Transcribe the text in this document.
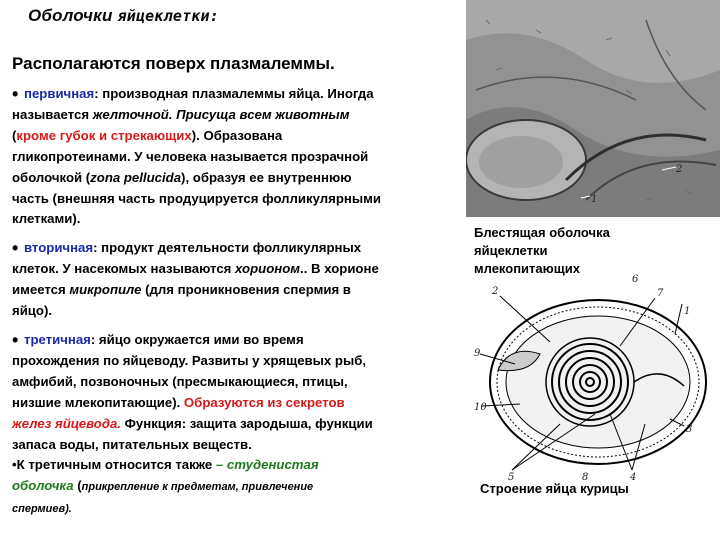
Оболочки яйцеклетки:
Располагаются поверх плазмалеммы.

• первичная: производная плазмалеммы яйца. Иногда
называется желточной. Присуща всем животным
(кроме губок и стрекающих). Образована
гликопротеинами. У человека называется прозрачной
оболочкой (zona pellucida), образуя ее внутреннюю
часть (внешняя часть продуцируется фолликулярными
клетками).

• вторичная: продукт деятельности фолликулярных
клеток. У насекомых называются хорионом.. В хорионе
имеется микропиле (для проникновения спермия в
яйцо).

• третичная: яйцо окружается ими во время
прохождения по яйцеводу. Развиты у хрящевых рыб,
амфибий, позвоночных (пресмыкающиеся, птицы,
низшие млекопитающие). Образуются из секретов
желез яйцевода. Функция: защита зародыша, функции
запаса воды, питательных веществ.
•К третичным относится также – студенистая
оболочка (прикрепление к предметам, привлечение
спермиев).

2
1
Блестящая оболочка
яйцеклетки
млекопитающих
2	7
6
1
9
10
3
5	4
8
Строение яйца курицы
